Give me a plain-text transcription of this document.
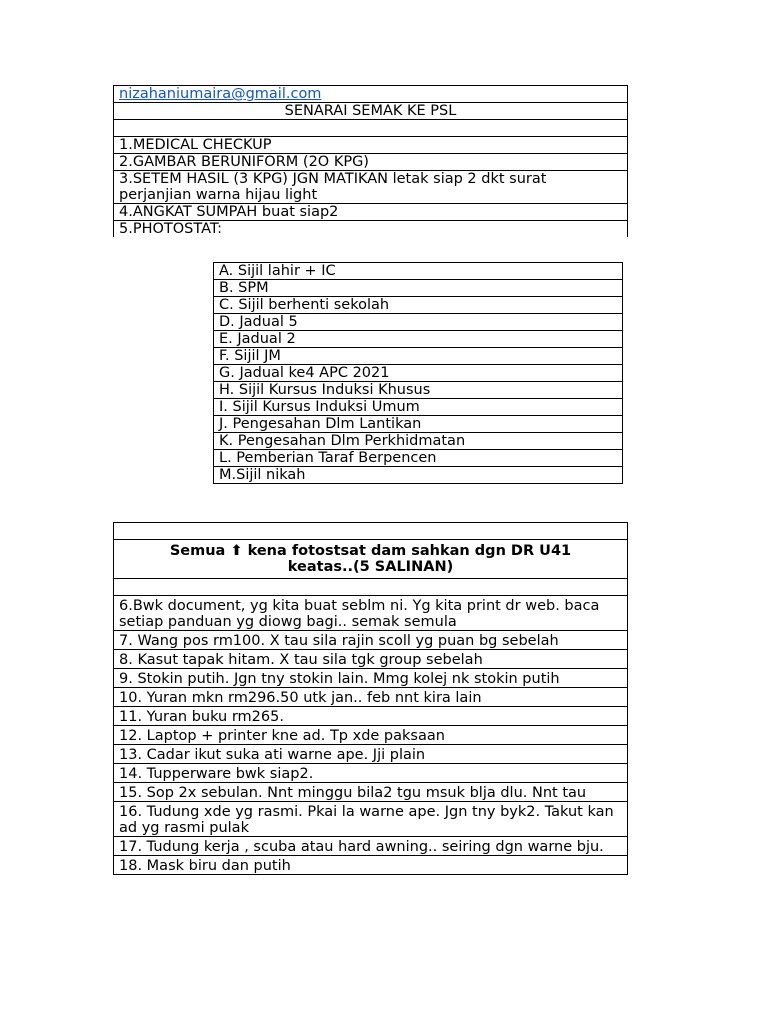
nizahaniumaira@gmail.com
SENARAI SEMAK KE PSL

1.MEDICAL CHECKUP
2.GAMBAR BERUNIFORM (2O KPG)
3.SETEM HASIL (3 KPG) JGN MATIKAN letak siap 2 dkt surat perjanjian warna hijau light
4.ANGKAT SUMPAH buat siap2
5.PHOTOSTAT:
A. Sijil lahir + IC
B. SPM
C. Sijil berhenti sekolah
D. Jadual 5
E. Jadual 2
F. Sijil JM
G. Jadual ke4 APC 2021
H. Sijil Kursus Induksi Khusus
I. Sijil Kursus Induksi Umum
J. Pengesahan Dlm Lantikan
K. Pengesahan Dlm Perkhidmatan
L. Pemberian Taraf Berpencen
M.Sijil nikah

Semua ⬆ kena fotostsat dam sahkan dgn DR U41 keatas..(5 SALINAN)

6.Bwk document, yg kita buat seblm ni. Yg kita print dr web. baca setiap panduan yg diowg bagi.. semak semula
7. Wang pos rm100. X tau sila rajin scoll yg puan bg sebelah
8. Kasut tapak hitam. X tau sila tgk group sebelah
9. Stokin putih. Jgn tny stokin lain. Mmg kolej nk stokin putih
10. Yuran mkn rm296.50 utk jan.. feb nnt kira lain
11. Yuran buku rm265.
12. Laptop + printer kne ad. Tp xde paksaan
13. Cadar ikut suka ati warne ape. Jji plain
14. Tupperware bwk siap2.
15. Sop 2x sebulan. Nnt minggu bila2 tgu msuk blja dlu. Nnt tau
16. Tudung xde yg rasmi. Pkai la warne ape. Jgn tny byk2. Takut kan ad yg rasmi pulak
17. Tudung kerja , scuba atau hard awning.. seiring dgn warne bju.
18. Mask biru dan putih
